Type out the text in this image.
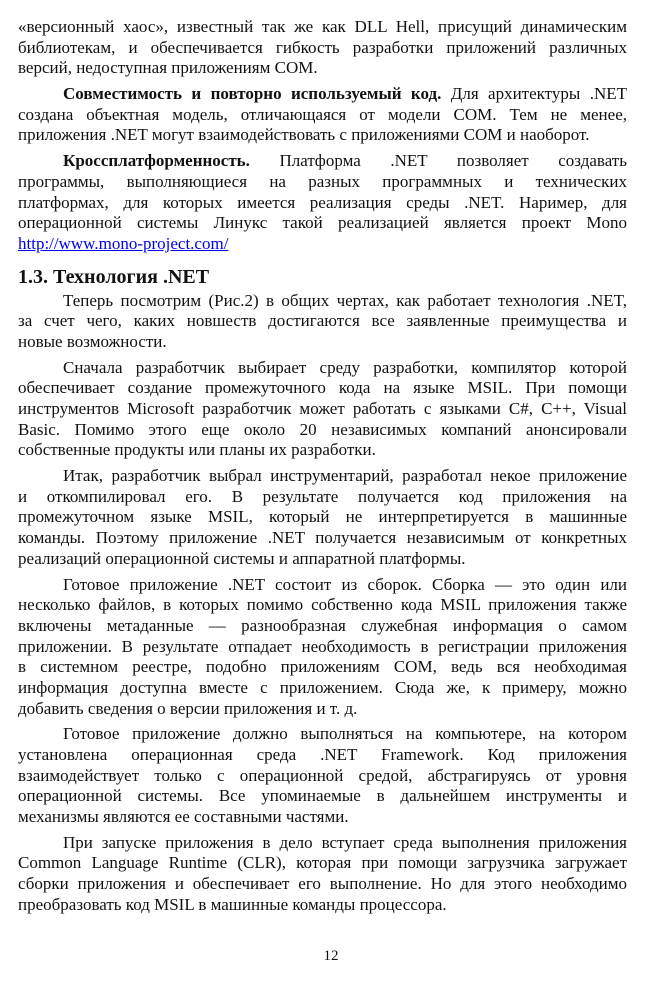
«версионный хаос», известный так же как DLL Hell, присущий динамическим
библиотекам, и обеспечивается гибкость разработки приложений различных
версий, недоступная приложениям COM.
Совместимость и повторно используемый код. Для архитектуры .NET
создана объектная модель, отличающаяся от модели COM. Тем не менее,
приложения .NET могут взаимодействовать с приложениями COM и наоборот.
Кроссплатформенность. Платформа .NET позволяет создавать
программы, выполняющиеся на разных программных и технических
платформах, для которых имеется реализация среды .NET. Наример, для
операционной системы Линукс такой реализацией является проект Mono
http://www.mono-project.com/
1.3. Технология .NET
Теперь посмотрим (Рис.2) в общих чертах, как работает технология .NET,
за счет чего, каких новшеств достигаются все заявленные преимущества и
новые возможности.
Сначала разработчик выбирает среду разработки, компилятор которой
обеспечивает создание промежуточного кода на языке MSIL. При помощи
инструментов Microsoft разработчик может работать с языками C#, C++, Visual
Basic. Помимо этого еще около 20 независимых компаний анонсировали
собственные продукты или планы их разработки.
Итак, разработчик выбрал инструментарий, разработал некое приложение
и откомпилировал его. В результате получается код приложения на
промежуточном языке MSIL, который не интерпретируется в машинные
команды. Поэтому приложение .NET получается независимым от конкретных
реализаций операционной системы и аппаратной платформы.
Готовое приложение .NET состоит из сборок. Сборка — это один или
несколько файлов, в которых помимо собственно кода MSIL приложения также
включены метаданные — разнообразная служебная информация о самом
приложении. В результате отпадает необходимость в регистрации приложения
в системном реестре, подобно приложениям COM, ведь вся необходимая
информация доступна вместе с приложением. Сюда же, к примеру, можно
добавить сведения о версии приложения и т. д.
Готовое приложение должно выполняться на компьютере, на котором
установлена операционная среда .NET Framework. Код приложения
взаимодействует только с операционной средой, абстрагируясь от уровня
операционной системы. Все упоминаемые в дальнейшем инструменты и
механизмы являются ее составными частями.
При запуске приложения в дело вступает среда выполнения приложения
Common Language Runtime (CLR), которая при помощи загрузчика загружает
сборки приложения и обеспечивает его выполнение. Но для этого необходимо
преобразовать код MSIL в машинные команды процессора.
12
